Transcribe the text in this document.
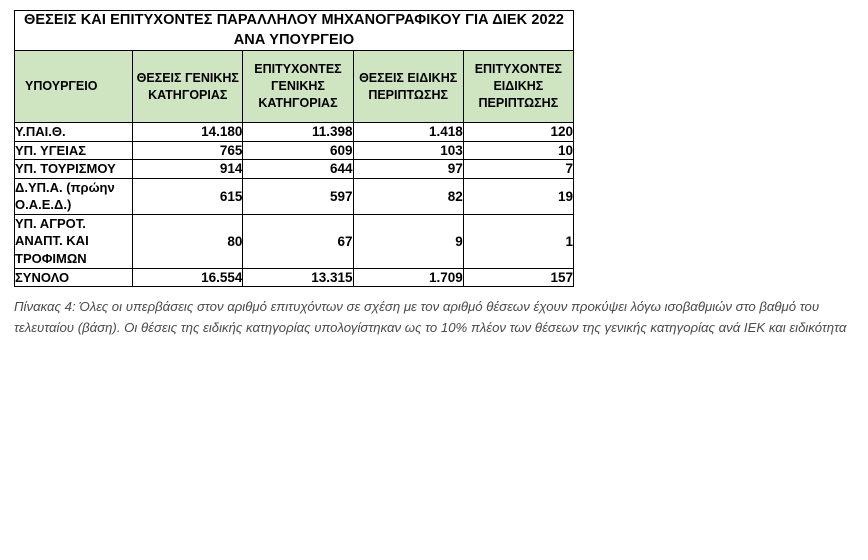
ΘΕΣΕΙΣ ΚΑΙ ΕΠΙΤΥΧΟΝΤΕΣ ΠΑΡΑΛΛΗΛΟΥ ΜΗΧΑΝΟΓΡΑΦΙΚΟΥ ΓΙΑ ΔΙΕΚ 2022 ΑΝΑ ΥΠΟΥΡΓΕΙΟ				
ΥΠΟΥΡΓΕΙΟ	ΘΕΣΕΙΣ ΓΕΝΙΚΗΣ ΚΑΤΗΓΟΡΙΑΣ	ΕΠΙΤΥΧΟΝΤΕΣ ΓΕΝΙΚΗΣ ΚΑΤΗΓΟΡΙΑΣ	ΘΕΣΕΙΣ ΕΙΔΙΚΗΣ ΠΕΡΙΠΤΩΣΗΣ	ΕΠΙΤΥΧΟΝΤΕΣ ΕΙΔΙΚΗΣ ΠΕΡΙΠΤΩΣΗΣ
Υ.ΠΑΙ.Θ.	14.180	11.398	1.418	120
ΥΠ. ΥΓΕΙΑΣ	765	609	103	10
ΥΠ. ΤΟΥΡΙΣΜΟΥ	914	644	97	7
Δ.ΥΠ.Α. (πρώην Ο.Α.Ε.Δ.)	615	597	82	19
ΥΠ. ΑΓΡΟΤ. ΑΝΑΠΤ. ΚΑΙ ΤΡΟΦΙΜΩΝ	80	67	9	1
ΣΥΝΟΛΟ	16.554	13.315	1.709	157
Πίνακας 4: Όλες οι υπερβάσεις στον αριθμό επιτυχόντων σε σχέση με τον αριθμό θέσεων έχουν προκύψει λόγω ισοβαθμιών στο βαθμό του τελευταίου (βάση). Οι θέσεις της ειδικής κατηγορίας υπολογίστηκαν ως το 10% πλέον των θέσεων της γενικής κατηγορίας ανά ΙΕΚ και ειδικότητα
